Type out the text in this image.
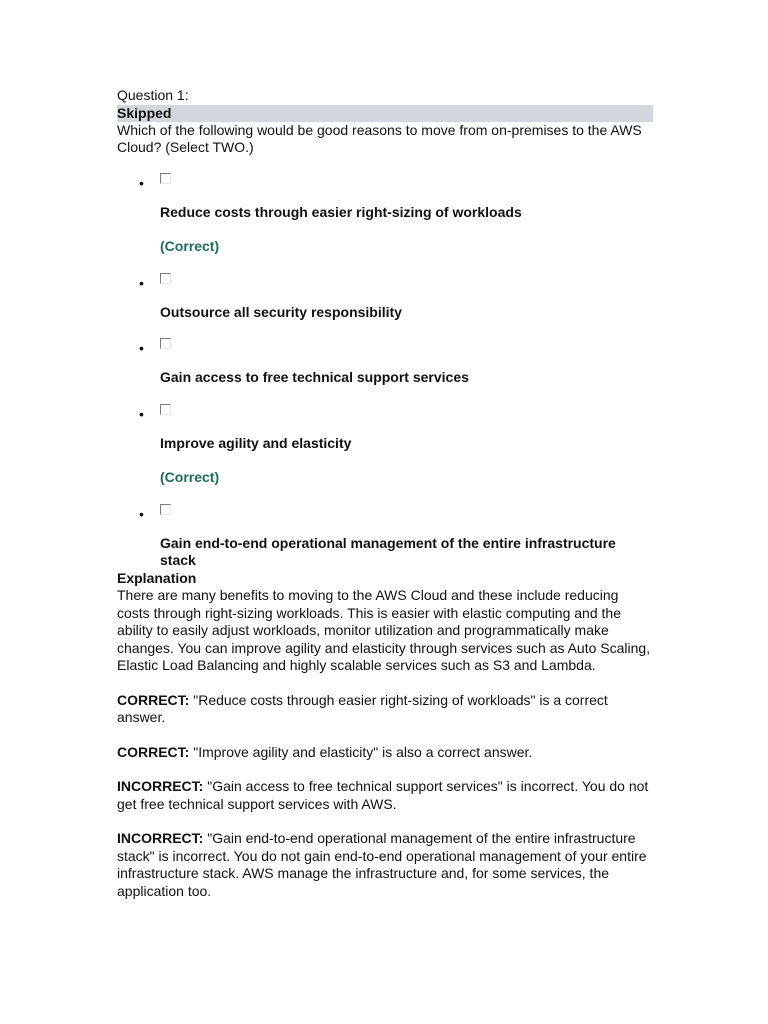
Question 1:

Skipped

Which of the following would be good reasons to move from on-premises to the AWS Cloud? (Select TWO.)

•

Reduce costs through easier right-sizing of workloads

(Correct)
•

Outsource all security responsibility

•

Gain access to free technical support services

•

Improve agility and elasticity

(Correct)
•

Gain end-to-end operational management of the entire infrastructure stack

Explanation

There are many benefits to moving to the AWS Cloud and these include reducing costs through right-sizing workloads. This is easier with elastic computing and the ability to easily adjust workloads, monitor utilization and programmatically make changes. You can improve agility and elasticity through services such as Auto Scaling, Elastic Load Balancing and highly scalable services such as S3 and Lambda.

CORRECT: "Reduce costs through easier right-sizing of workloads" is a correct answer.

CORRECT: "Improve agility and elasticity" is also a correct answer.

INCORRECT: "Gain access to free technical support services" is incorrect. You do not get free technical support services with AWS.

INCORRECT: "Gain end-to-end operational management of the entire infrastructure stack" is incorrect. You do not gain end-to-end operational management of your entire infrastructure stack. AWS manage the infrastructure and, for some services, the application too.
